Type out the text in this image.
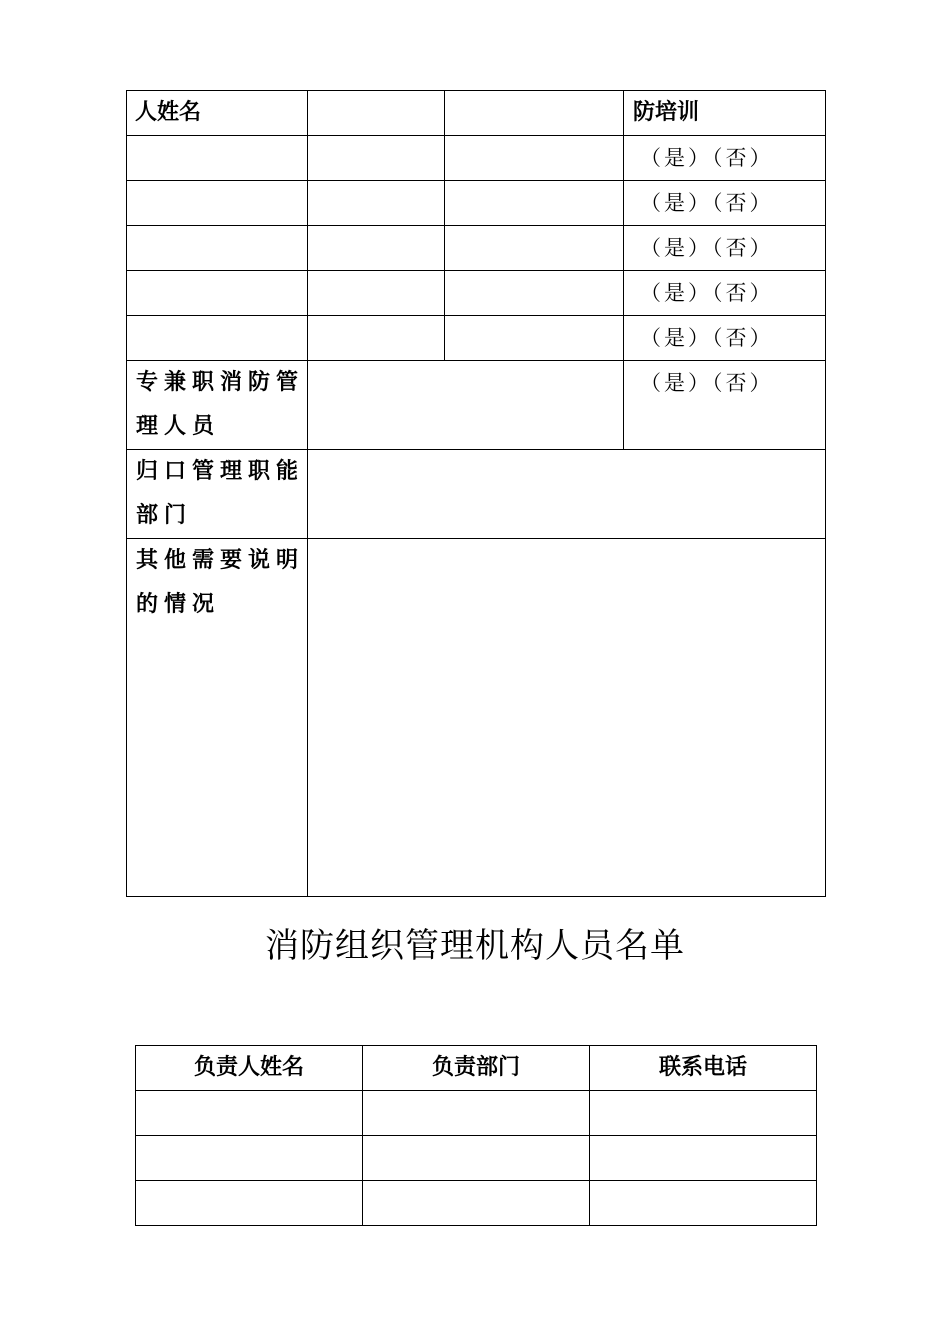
人姓名			防培训
			（是）（否）
			（是）（否）
			（是）（否）
			（是）（否）
			（是）（否）
专兼职消防管理人员			（是）（否）
归口管理职能部门			
其他需要说明的情况			
消防组织管理机构人员名单
负责人姓名	负责部门	联系电话
